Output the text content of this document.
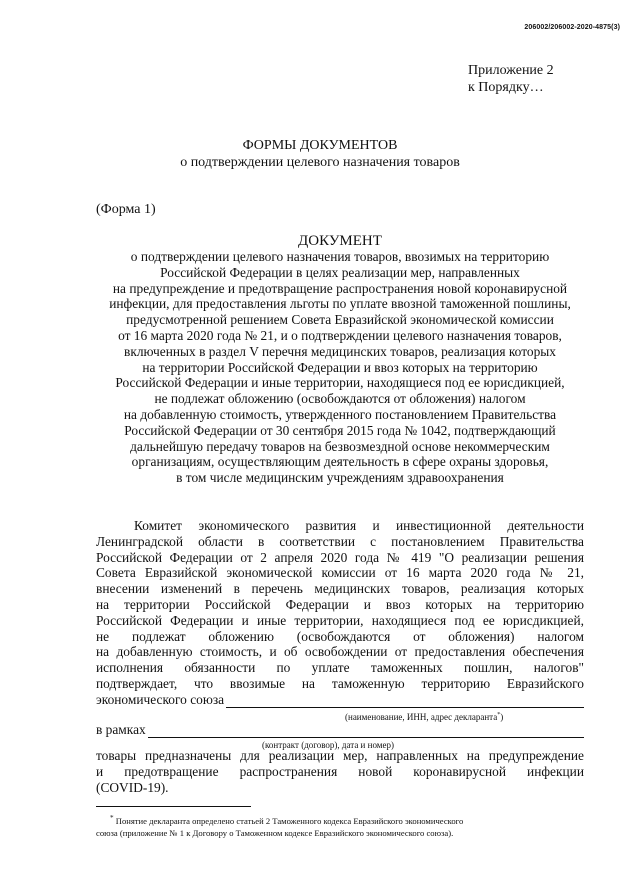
206002/206002-2020-4875(3)
Приложение 2
к Порядку…
ФОРМЫ ДОКУМЕНТОВ
о подтверждении целевого назначения товаров
(Форма 1)
ДОКУМЕНТ
о подтверждении целевого назначения товаров, ввозимых на территорию
Российской Федерации в целях реализации мер, направленных
на предупреждение и предотвращение распространения новой коронавирусной
инфекции, для предоставления льготы по уплате ввозной таможенной пошлины,
предусмотренной решением Совета Евразийской экономической комиссии
от 16 марта 2020 года № 21, и о подтверждении целевого назначения товаров,
включенных в раздел V перечня медицинских товаров, реализация которых
на территории Российской Федерации и ввоз которых на территорию
Российской Федерации и иные территории, находящиеся под ее юрисдикцией,
не подлежат обложению (освобождаются от обложения) налогом
на добавленную стоимость, утвержденного постановлением Правительства
Российской Федерации от 30 сентября 2015 года № 1042, подтверждающий
дальнейшую передачу товаров на безвозмездной основе некоммерческим
организациям, осуществляющим деятельность в сфере охраны здоровья,
в том числе медицинским учреждениям здравоохранения
Комитет экономического развития и инвестиционной деятельности
Ленинградской области в соответствии с постановлением Правительства
Российской Федерации от 2 апреля 2020 года № 419 "О реализации решения
Совета Евразийской экономической комиссии от 16 марта 2020 года № 21,
внесении изменений в перечень медицинских товаров, реализация которых
на территории Российской Федерации и ввоз которых на территорию
Российской Федерации и иные территории, находящиеся под ее юрисдикцией,
не подлежат обложению (освобождаются от обложения) налогом
на добавленную стоимость, и об освобождении от предоставления обеспечения
исполнения обязанности по уплате таможенных пошлин, налогов"
подтверждает, что ввозимые на таможенную территорию Евразийского
экономического союза
(наименование, ИНН, адрес декларанта*)
в рамках
(контракт (договор), дата и номер)
товары предназначены для реализации мер, направленных на предупреждение
и предотвращение распространения новой коронавирусной инфекции
(COVID-19).
* Понятие декларанта определено статьей 2 Таможенного кодекса Евразийского экономического
союза (приложение № 1 к Договору о Таможенном кодексе Евразийского экономического союза).
